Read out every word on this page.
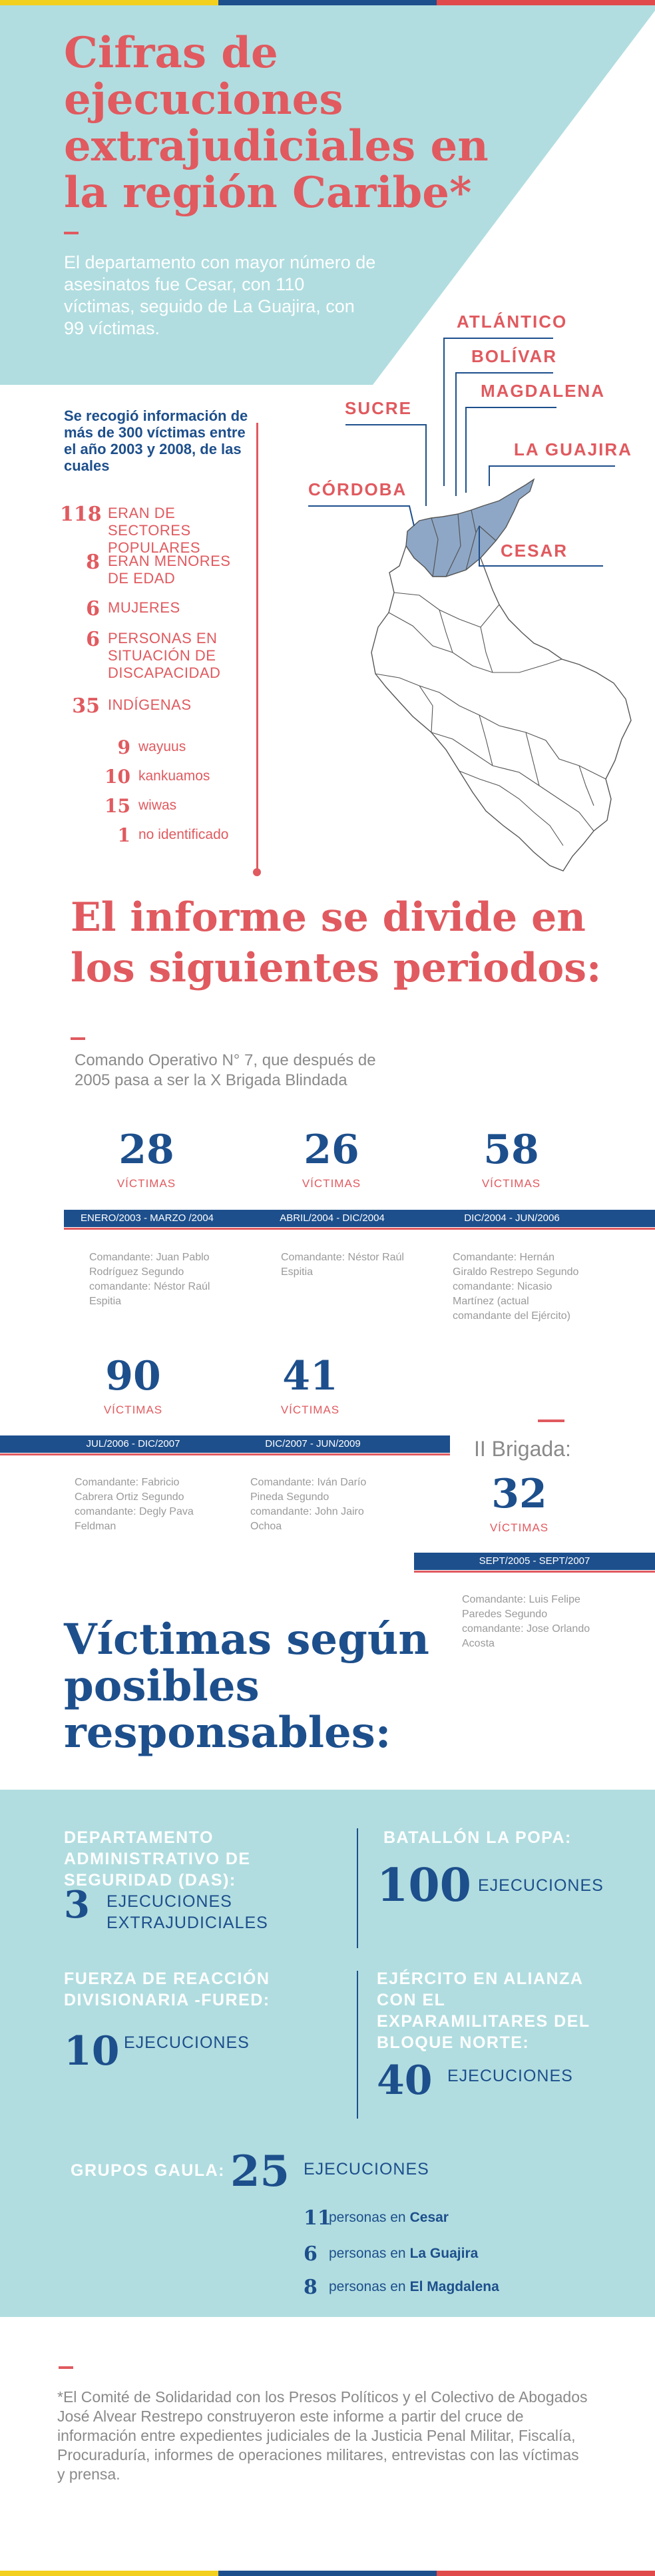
Cifras de ejecuciones extrajudiciales en la región Caribe*
El departamento con mayor número de asesinatos fue Cesar, con 110 víctimas, seguido de La Guajira, con 99 víctimas.
Se recogió información de más de 300 víctimas entre el año 2003 y 2008, de las cuales
118 ERAN DE SECTORES POPULARES
8 ERAN MENORES DE EDAD
6 MUJERES
6 PERSONAS EN SITUACIÓN DE DISCAPACIDAD
35 INDÍGENAS
9 wayuus
10 kankuamos
15 wiwas
1 no identificado
ATLÁNTICO
BOLÍVAR
MAGDALENA
SUCRE
LA GUAJIRA
CÓRDOBA
CESAR
El informe se divide en los siguientes periodos:
Comando Operativo N° 7, que después de 2005 pasa a ser la X Brigada Blindada
28
VÍCTIMAS
26
VÍCTIMAS
58
VÍCTIMAS
ENERO/2003 - MARZO /2004	ABRIL/2004 - DIC/2004	DIC/2004 - JUN/2006
Comandante: Juan Pablo Rodríguez Segundo comandante: Néstor Raúl Espitia
Comandante: Néstor Raúl Espitia
Comandante: Hernán Giraldo Restrepo Segundo comandante: Nicasio Martínez (actual comandante del Ejército)
90
VÍCTIMAS
41
VÍCTIMAS
JUL/2006 - DIC/2007	DIC/2007 - JUN/2009
Comandante: Fabricio Cabrera Ortiz Segundo comandante: Degly Pava Feldman
Comandante: Iván Darío Pineda Segundo comandante: John Jairo Ochoa
II Brigada:
32
VÍCTIMAS
SEPT/2005 - SEPT/2007
Comandante: Luis Felipe Paredes Segundo comandante: Jose Orlando Acosta
Víctimas según posibles responsables:
DEPARTAMENTO ADMINISTRATIVO DE SEGURIDAD (DAS):
3 EJECUCIONES EXTRAJUDICIALES
BATALLÓN LA POPA:
100 EJECUCIONES
FUERZA DE REACCIÓN DIVISIONARIA -FURED:
10 EJECUCIONES
EJÉRCITO EN ALIANZA CON EL EXPARAMILITARES DEL BLOQUE NORTE:
40 EJECUCIONES
GRUPOS GAULA: 25 EJECUCIONES
11
personas en Cesar
6 personas en La Guajira
8 personas en El Magdalena
*El Comité de Solidaridad con los Presos Políticos y el Colectivo de Abogados José Alvear Restrepo construyeron este informe a partir del cruce de información entre expedientes judiciales de la Justicia Penal Militar, Fiscalía, Procuraduría, informes de operaciones militares, entrevistas con las víctimas y prensa.
